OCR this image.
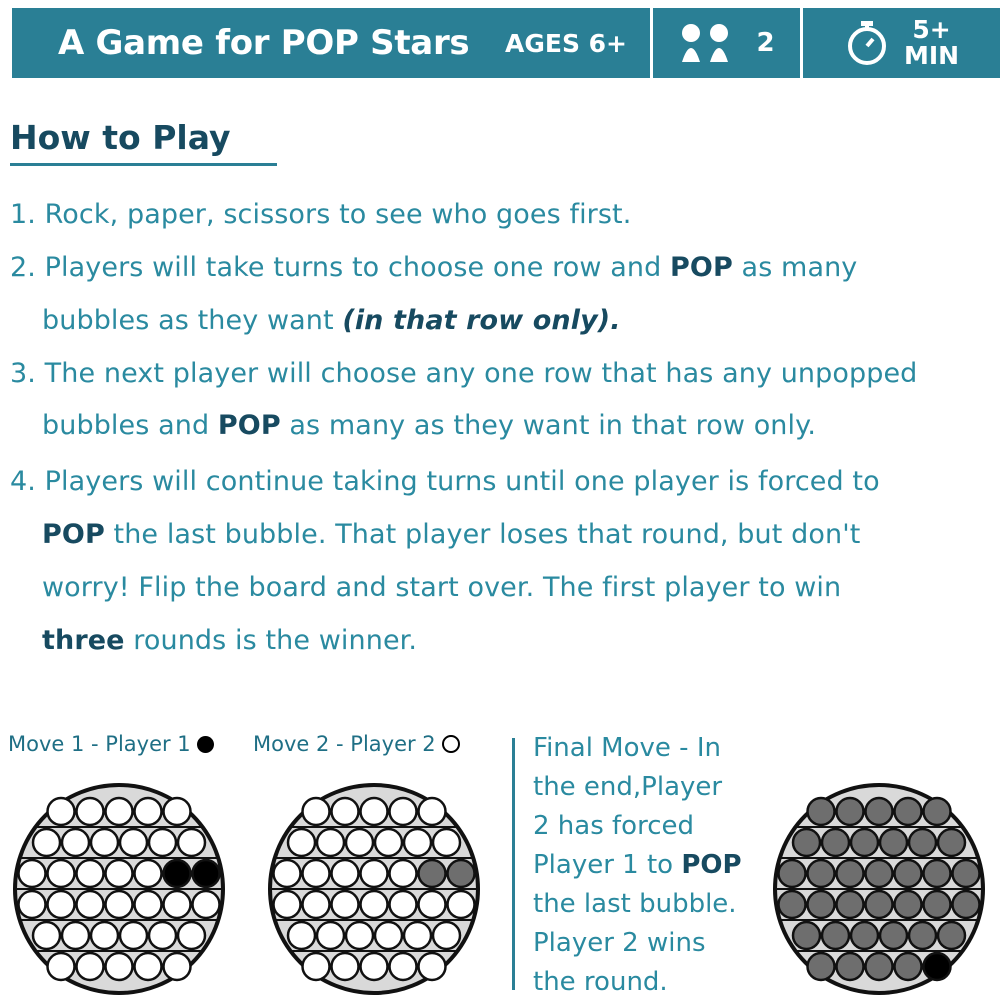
A Game for POP Stars	AGES 6+	2	5+
MIN
How to Play
1. Rock, paper, scissors to see who goes first.
2. Players will take turns to choose one row and POP as many
bubbles as they want (in that row only).
3. The next player will choose any one row that has any unpopped
bubbles and POP as many as they want in that row only.
4. Players will continue taking turns until one player is forced to
POP the last bubble. That player loses that round, but don't
worry! Flip the board and start over. The first player to win
three rounds is the winner.
Move 1 - Player 1	Move 2 - Player 2	Final Move - In
the end,Player
2 has forced
Player 1 to POP
the last bubble.
Player 2 wins
the round.
